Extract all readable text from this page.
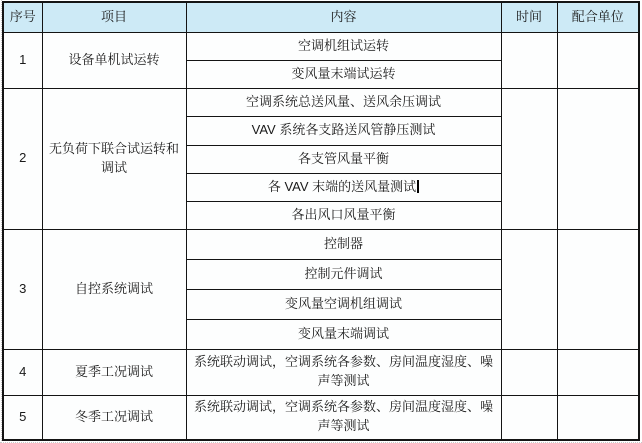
序号	项目	内容	时间	配合单位
1	设备单机试运转	空调机组试运转		
		变风量末端试运转		
2	无负荷下联合试运转和调试	空调系统总送风量、送风余压调试		
		VAV 系统各支路送风管静压测试		
		各支管风量平衡		
		各 VAV 末端的送风量测试		
		各出风口风量平衡		
3	自控系统调试	控制器		
		控制元件调试		
		变风量空调机组调试		
		变风量末端调试		
4	夏季工况调试	系统联动调试，空调系统各参数、房间温度湿度、噪声等测试		
5	冬季工况调试	系统联动调试，空调系统各参数、房间温度湿度、噪声等测试		
